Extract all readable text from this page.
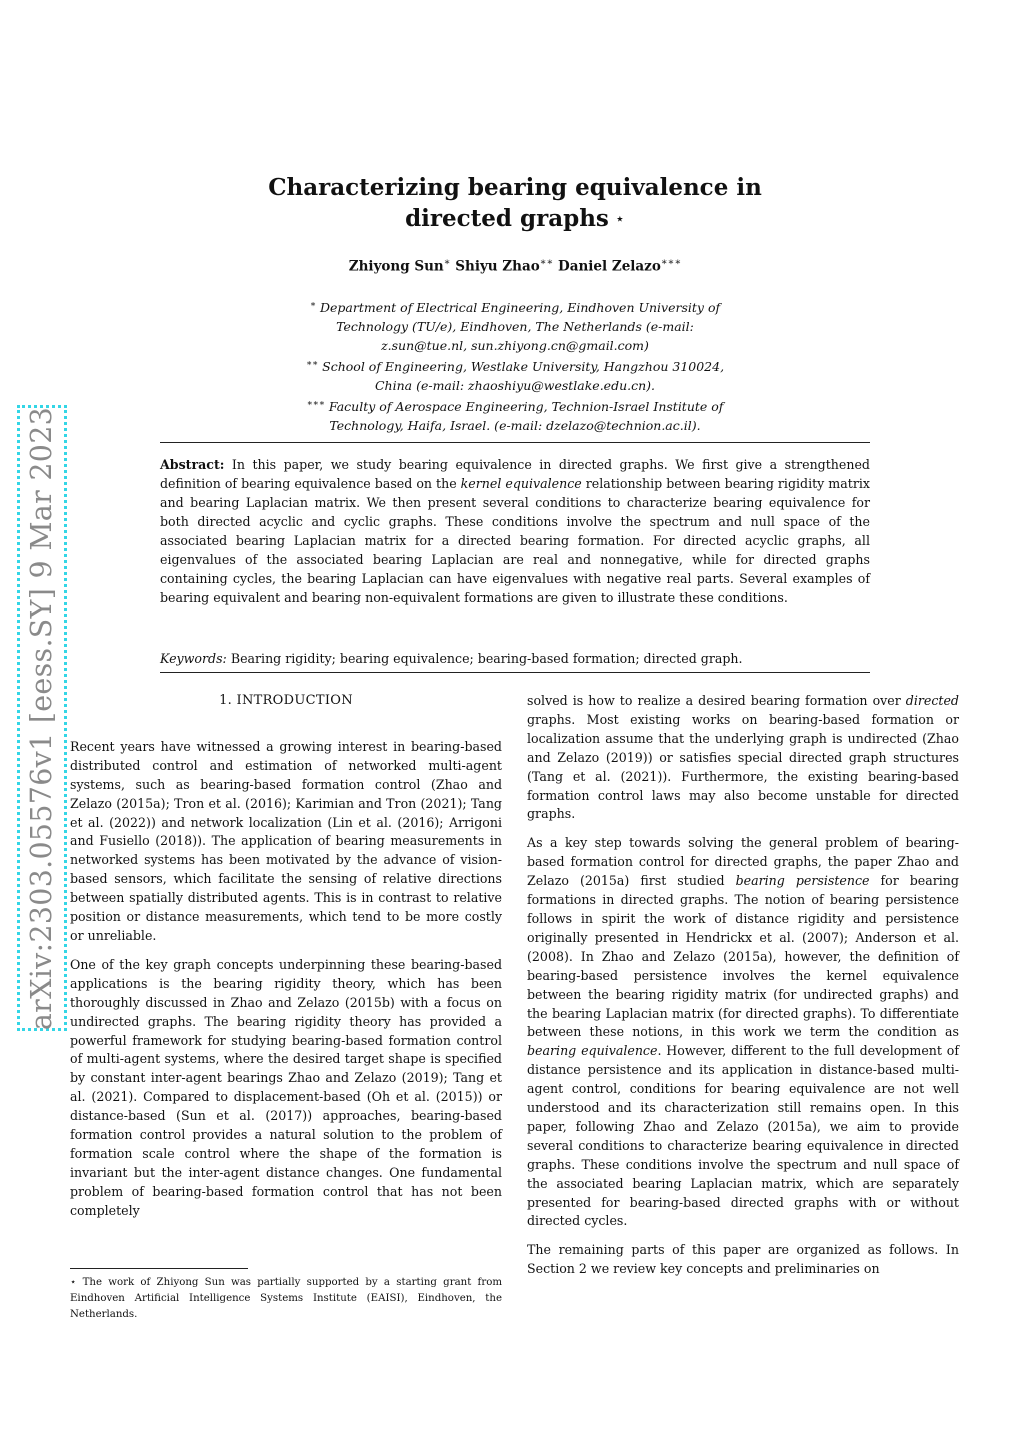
arXiv:2303.05576v1 [eess.SY] 9 Mar 2023
Characterizing bearing equivalence in
directed graphs ⋆
Zhiyong Sun∗ Shiyu Zhao∗∗ Daniel Zelazo∗∗∗
∗ Department of Electrical Engineering, Eindhoven University of
Technology (TU/e), Eindhoven, The Netherlands (e-mail:
z.sun@tue.nl, sun.zhiyong.cn@gmail.com)
∗∗ School of Engineering, Westlake University, Hangzhou 310024,
China (e-mail: zhaoshiyu@westlake.edu.cn).
∗∗∗ Faculty of Aerospace Engineering, Technion-Israel Institute of
Technology, Haifa, Israel. (e-mail: dzelazo@technion.ac.il).
Abstract: In this paper, we study bearing equivalence in directed graphs. We first give a strengthened definition of bearing equivalence based on the kernel equivalence relationship between bearing rigidity matrix and bearing Laplacian matrix. We then present several conditions to characterize bearing equivalence for both directed acyclic and cyclic graphs. These conditions involve the spectrum and null space of the associated bearing Laplacian matrix for a directed bearing formation. For directed acyclic graphs, all eigenvalues of the associated bearing Laplacian are real and nonnegative, while for directed graphs containing cycles, the bearing Laplacian can have eigenvalues with negative real parts. Several examples of bearing equivalent and bearing non-equivalent formations are given to illustrate these conditions.
Keywords: Bearing rigidity; bearing equivalence; bearing-based formation; directed graph.
1. INTRODUCTION

Recent years have witnessed a growing interest in bearing-based distributed control and estimation of networked multi-agent systems, such as bearing-based formation control (Zhao and Zelazo (2015a); Tron et al. (2016); Karimian and Tron (2021); Tang et al. (2022)) and network localization (Lin et al. (2016); Arrigoni and Fusiello (2018)). The application of bearing measurements in networked systems has been motivated by the advance of vision-based sensors, which facilitate the sensing of relative directions between spatially distributed agents. This is in contrast to relative position or distance measurements, which tend to be more costly or unreliable.

One of the key graph concepts underpinning these bearing-based applications is the bearing rigidity theory, which has been thoroughly discussed in Zhao and Zelazo (2015b) with a focus on undirected graphs. The bearing rigidity theory has provided a powerful framework for studying bearing-based formation control of multi-agent systems, where the desired target shape is specified by constant inter-agent bearings Zhao and Zelazo (2019); Tang et al. (2021). Compared to displacement-based (Oh et al. (2015)) or distance-based (Sun et al. (2017)) approaches, bearing-based formation control provides a natural solution to the problem of formation scale control where the shape of the formation is invariant but the inter-agent distance changes. One fundamental problem of bearing-based formation control that has not been completely

solved is how to realize a desired bearing formation over directed graphs. Most existing works on bearing-based formation or localization assume that the underlying graph is undirected (Zhao and Zelazo (2019)) or satisfies special directed graph structures (Tang et al. (2021)). Furthermore, the existing bearing-based formation control laws may also become unstable for directed graphs.

As a key step towards solving the general problem of bearing-based formation control for directed graphs, the paper Zhao and Zelazo (2015a) first studied bearing persistence for bearing formations in directed graphs. The notion of bearing persistence follows in spirit the work of distance rigidity and persistence originally presented in Hendrickx et al. (2007); Anderson et al. (2008). In Zhao and Zelazo (2015a), however, the definition of bearing-based persistence involves the kernel equivalence between the bearing rigidity matrix (for undirected graphs) and the bearing Laplacian matrix (for directed graphs). To differentiate between these notions, in this work we term the condition as bearing equivalence. However, different to the full development of distance persistence and its application in distance-based multi-agent control, conditions for bearing equivalence are not well understood and its characterization still remains open. In this paper, following Zhao and Zelazo (2015a), we aim to provide several conditions to characterize bearing equivalence in directed graphs. These conditions involve the spectrum and null space of the associated bearing Laplacian matrix, which are separately presented for bearing-based directed graphs with or without directed cycles.

The remaining parts of this paper are organized as follows. In Section 2 we review key concepts and preliminaries on

⋆ The work of Zhiyong Sun was partially supported by a starting grant from Eindhoven Artificial Intelligence Systems Institute (EAISI), Eindhoven, the Netherlands.
